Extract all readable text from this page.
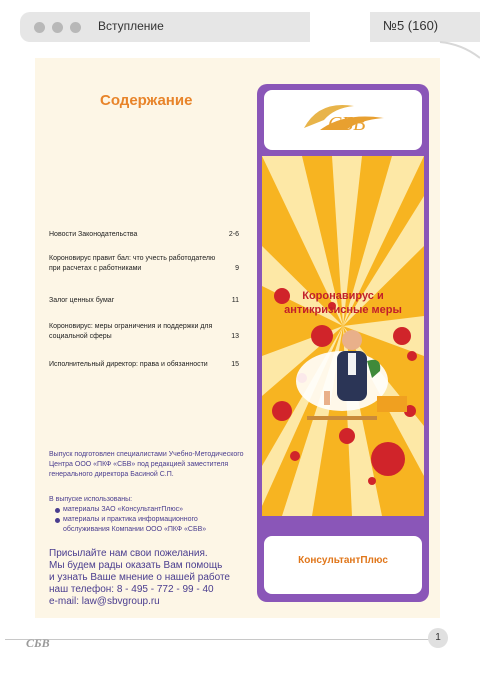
Вступление	№5 (160)
Содержание
Новости Законодательства	2-6
Короновирус правит бал: что учесть работодателю при расчетах с работниками	9
Залог ценных бумаг	11
Короновирус: меры ограничения и поддержки для социальной сферы	13
Исполнительный директор: права и обязанности	15
Выпуск подготовлен специалистами Учебно-Методического Центра ООО «ПКФ «СБВ» под редакцией заместителя генерального директора Басиной С.П.
В выпуске использованы:
материалы ЗАО «КонсультантПлюс»
материалы и практика информационного обслуживания Компании ООО «ПКФ «СБВ»
Присылайте нам свои пожелания.
Мы будем рады оказать Вам помощь
и узнать Ваше мнение о нашей работе
наш телефон: 8 - 495 - 772 - 99 - 40
e-mail: law@sbvgroup.ru
СБВ
Коронавирус и
антикризисные меры
КонсультантПлюс
СБВ	1
